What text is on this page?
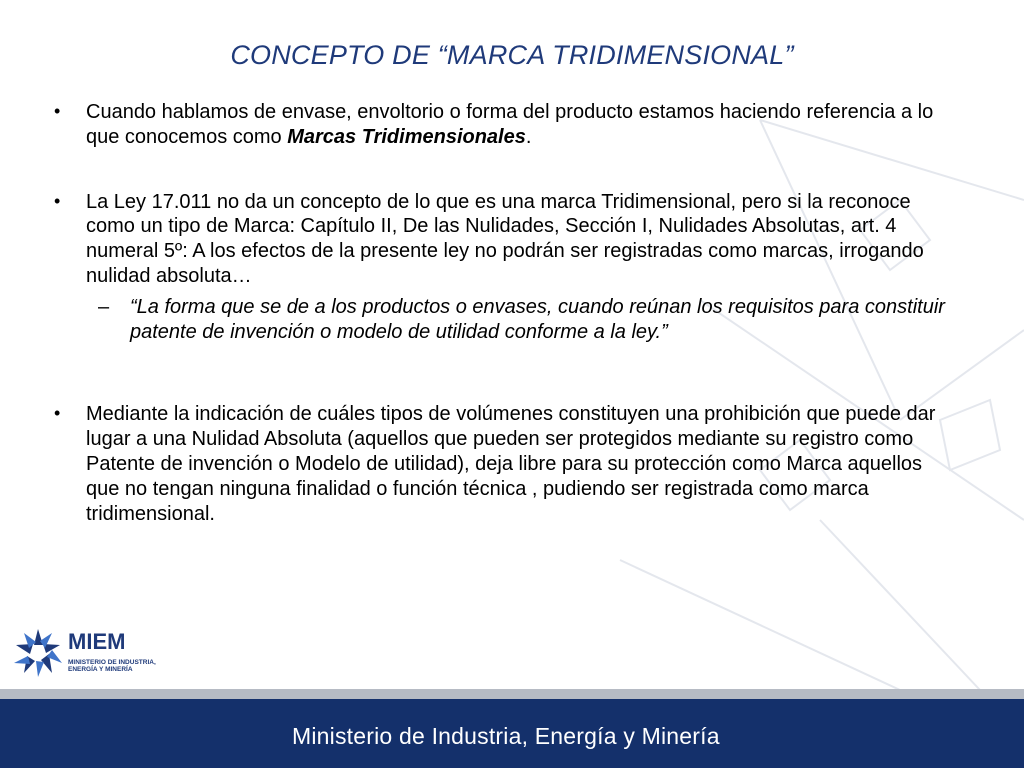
CONCEPTO DE “MARCA TRIDIMENSIONAL”

• Cuando hablamos de envase, envoltorio o forma del producto estamos haciendo referencia a lo que conocemos como Marcas Tridimensionales.

• La Ley 17.011 no da un concepto de lo que es una marca Tridimensional, pero si la reconoce como un tipo de Marca: Capítulo II, De las Nulidades, Sección I, Nulidades Absolutas, art. 4 numeral 5º: A los efectos de la presente ley no podrán ser registradas como marcas, irrogando nulidad absoluta…

– “La forma que se de a los productos o envases, cuando reúnan los requisitos para constituir patente de invención o modelo de utilidad conforme a la ley.”

• Mediante la indicación de cuáles tipos de volúmenes constituyen una prohibición que puede dar lugar a una Nulidad Absoluta (aquellos que pueden ser protegidos mediante su registro como Patente de invención o Modelo de utilidad), deja libre para su protección como Marca aquellos que no tengan ninguna finalidad o función técnica , pudiendo ser registrada como marca tridimensional.

MIEM
MINISTERIO DE INDUSTRIA,
ENERGÍA Y MINERÍA
Ministerio de Industria, Energía y Minería
